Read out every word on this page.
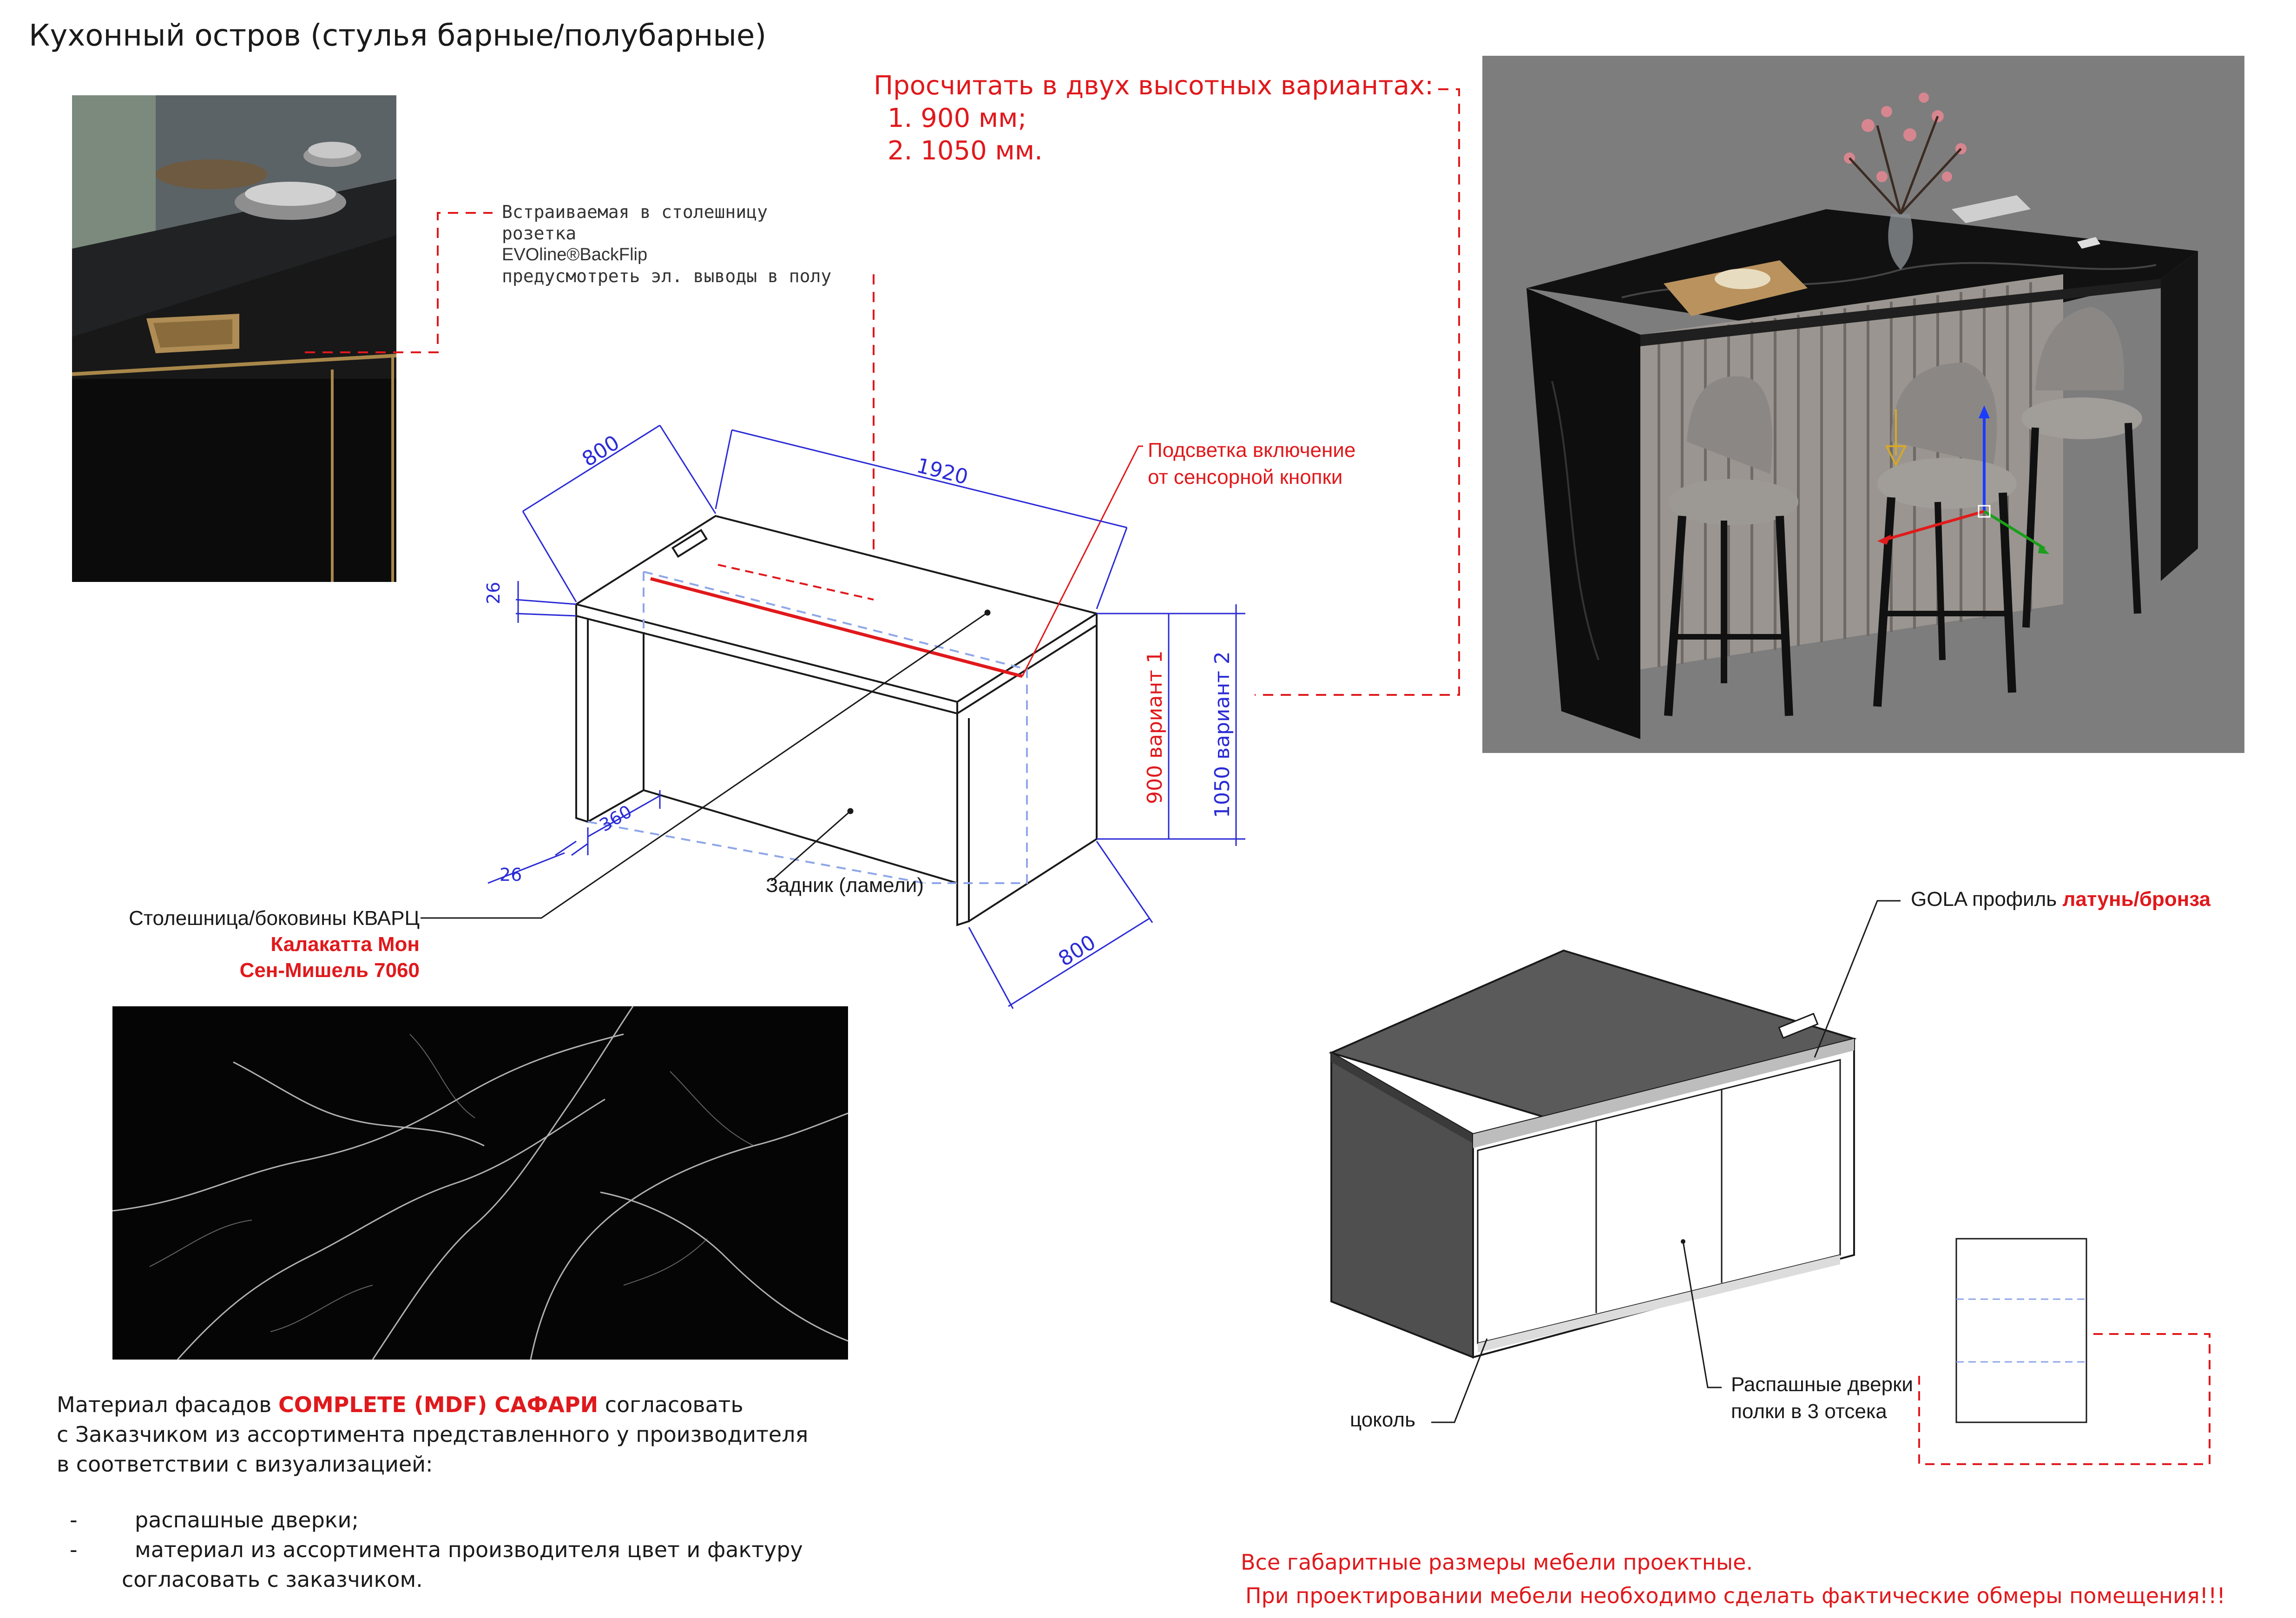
Кухонный остров (стулья барные/полубарные)
Встраиваемая в столешницу
розетка
EVOline®BackFlip
предусмотреть эл. выводы в полу
Просчитать в двух высотных вариантах:
1. 900 мм;
2. 1050 мм.
Подсветка включение
от сенсорной кнопки
800
1920
26
900 вариант 1 1050 вариант 2
800
360
26
Столешница/боковины КВАРЦ
Калакатта Мон
Сен-Мишель 7060
Задник (ламели)
GOLA профиль латунь/бронза
Распашные дверки
полки в 3 отсека
цоколь
Материал фасадов COMPLETE (MDF) САФАРИ согласовать
с Заказчиком из ассортимента представленного у производителя
в соответствии с визуализацией:
-	распашные дверки;
-	материал из ассортимента производителя цвет и фактуру
согласовать с заказчиком.
Все габаритные размеры мебели проектные.
При проектировании мебели необходимо сделать фактические обмеры помещения!!!
